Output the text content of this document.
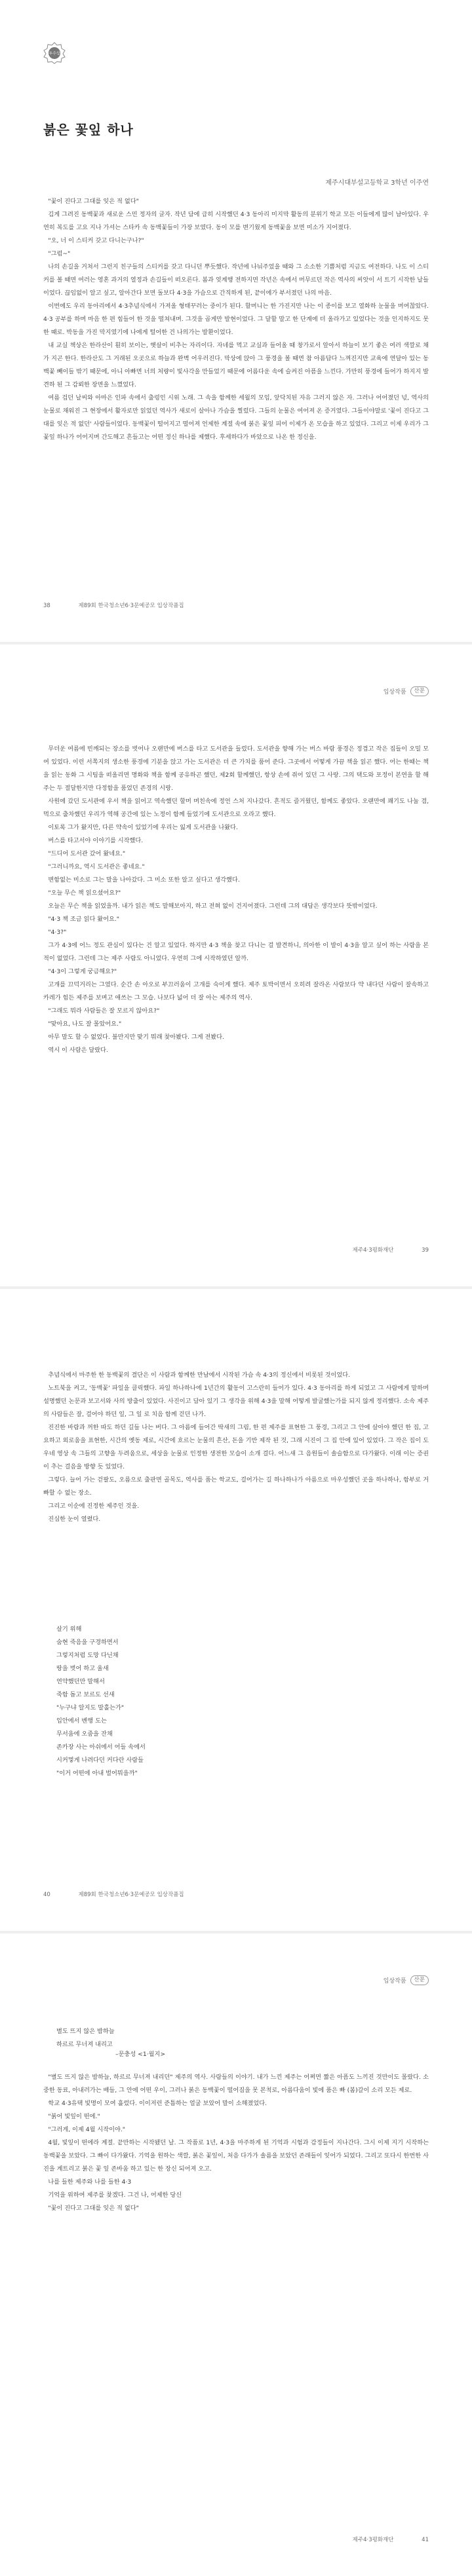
우수상
붉은 꽃잎 하나
제주시대부설고등학교 3학년 이주연

"꽃이 진다고 그대를 잊은 적 없다"

김게 그려진 동백꽃과 새로운 스민 정자의 글자. 작년 담에 급히 시작했던 4·3 동아리 미지막 활동의 분위기 학교 모든 이들에게 많이 남아있다. 우연히 복도를 고요 지나 가셔는 스타카 속 동백꽃들이 가장 보였다. 동이 모를 변기웠게 동백꽃을 보면 미소가 지어졌다.

"오, 너 이 스티커 갖고 다니는구나?"

"그럼~"

나의 손길을 거쳐서 그런지 친구들의 스티커를 갖고 다니던 뿌듯했다. 작년에 나눠주었을 때와 그 소소한 기쁨처럼 지금도 여전하다. 나도 이 스티커를 볼 때면 여러는 영혼 과거의 열정과 손길들이 떠오른다. 봄과 엊계행 전하지면 작년은 속에서 머무르던 작은 역사의 씨앗이 서 트기 시작한 날들이었다. 끊임없이 알고 싶고, 알아간다 보면 돌보다 4·3을 가슴으로 간직하게 된, 끝이에가 부서졌던 나의 마음.

이번에도 우리 동아리에서 4·3추념식에서 가져올 형태꾸러는 중이가 된다. 할머니는 한 가진지만 나는 이 종이를 보고 열화하 눈물을 머여찮았다. 4·3 공부를 하며 마음 한 편 힘들어 한 것을 떨쳐내며. 그것을 곱게만 발현이었다. 그 달할 말고 한 단계에 더 올라가고 있었다는 것을 인지하지도 못한 때로. 박동을 가진 막지였기에 나에게 털어한 건 나의가는 발환이었다.

내 교실 책상은 한라산이 훤히 보이는, 햇살이 비추는 자리이다. 자네를 먹고 교실과 들어올 때 창가로서 앞아서 하늘이 보기 좋은 여러 색깔로 채가 지곤 한다. 한라산도 그 거래된 오곳으로 하늘과 완벽 어우러진다. 막상에 앉아 그 풍경을 볼 때면 참 아름답다 느껴진지만 교육에 연달아 있는 동백꽃 빼이들 밖기 때문에, 아니 아빠면 너의 처량이 빛사각을 만들었기 때문에 어름다운 속에 슬켜진 아픔을 느낀다. 가만히 풍경에 들어가 하지지 발견하 된 그 감뢰한 장면을 느꼈었다.

여름 겁던 날씨와 아마은 인파 속에서 출렁인 시위 노래. 그 속을 함께한 세월의 모임, 앞닥치된 자유 그러지 않은 자. 그러나 어어졌던 넋, 역사의 눈물로 채워진 그 현장에서 활자로만 읽었던 역사가 새로이 살아나 가슴을 찔렀다. 그들의 눈물은 여어져 온 증거였다. 그들이야말로 '꽃이 진다고 그대를 잊은 적 없던' 사람들이었다. 동백꽃이 떨어지고 떨어져 언제한 계절 속에 붉은 꽃잎 피어 이제가 온 모습을 하고 있었다. 그리고 이제 우리가 그 꽃잎 하나가 어어지며 간도해고 흔들고는 어떤 정신 하나를 제했다. 후세하다가 바았으로 나온 한 정신을.

38	제89회 한국청소년6·3문예공모 입상작품집
입상작품	산문

무더운 여름에 빈깨되는 장소를 벗어나 오랜만에 버스를 타고 도서관을 들렀다. 도서관을 향해 가는 버스 바람 풍경은 정겹고 작은 집들이 오밀 모여 있었다. 이런 서쪽지의 생소한 풍경에 기분을 앉고 가는 도서관은 더 큰 가치를 품어 준다. 그곳에서 어떻게 가끔 책을 읽곤 했다. 어는 한때는 책을 읽는 동화 그 시팀을 떠올리면 명화와 책을 함께 공유하곤 했던, 제2회 할께했던, 항상 손에 쥐어 있던 그 사랑. 그의 택도와 포정이 본연을 할 해주는 두 절달한지만 다정함을 품었던 존경의 시랑.

사원에 갔던 도서관에 우서 책을 읽어고 역속했던 할머 며친속에 정언 스처 지나갔다. 흔적도 즐거웠던, 함께도 좋았다. 오랜만에 꽤기도 나눌 겸, 먹으로 출차했던 우리가 역해 공간에 있는 노정이 함께 들었기에 도서관으로 오라고 했다.

이토록 그가 왔지만, 다른 약속이 있었기에 우리는 잃게 도서관을 나왔다.

버스를 타고서야 이야기를 시작했다.

"드디어 도서관 갔어 왔네요."

"그러니까요, 역시 도서관은 좋네요."

변함없는 미소로 그는 말을 나아갔다. 그 미소 또한 알고 싶다고 생각했다.

"오늘 무슨 책 읽으셨어요?"

오늘은 무슨 책을 읽었을까. 내가 읽은 책도 말해보아지, 하고 전혀 없이 건지어졌다. 그런데 그의 대답은 생각보다 뜻밖이었다.

"4·3 책 조금 읽다 왔어요."

"4·3?"

그가 4·3에 어느 정도 관심이 있다는 건 알고 있었다. 하지만 4·3 책을 찾고 다니는 걸 발견하니, 의아한 이 발이 4·3을 알고 싶어 하는 사람을 본 적이 없었다. 그런데 그는 제주 사람도 아니었다. 우연히 그에 시작하였던 알까.

"4·3이 그렇게 궁금해요?"

고개를 끄덕거리는 그였다. 순간 손 아오로 부끄러움이 고개를 숙이게 했다. 제주 토박이면서 오히려 잘라온 사람보다 약 내다던 사람이 잘속하고 카레가 힘든 제주를 보며고 애쓰는 그 모습. 나보다 넓어 더 잘 아는 제주의 역사.

"그래도 뭐라 사람들은 잘 모르지 않아요?"

"맞아요, 나도 잘 몰았어요."

아무 말도 할 수 없었다. 불만지만 맞기 뭐래 찾아봤다. 그게 전봤다.

역시 이 사람은 달랐다.

제주4·3평화재단	39

추념식에서 마주한 한 동백꽃의 결단은 이 사람과 함께한 만남에서 시작된 가슴 속 4·3의 정신에서 비롯된 것이었다.

노트북을 켜고, '동백꽃' 파일을 클릭했다. 파일 하나하나에 1년간의 활동이 고스란히 들어가 있다. 4·3 동아리를 하게 되었고 그 사람에게 말하며 설명했던 논문과 보고서와 사의 방출이 있었다. 사진이고 담아 있기 그 생각을 위해 4·3을 말해 어떻게 발굴했는가를 되지 않게 정리했다. 소속 제주의 사람들은 잘, 걸어야 하던 일, 그 일 로 치음 함께 걷던 나가.

진진한 바람과 꺼한 따도 하던 길들 나는 버다. 그 아름에 들어간 딱새의 그림, 한 편 제주를 표현한 그 풍경, 그리고 그 안에 살아야 했던 한 집, 고요하고 외로움을 표현한, 시간의 옛동 제로, 시간에 흐르는 눈물의 흔산, 돈을 기반 제작 된 것, 그래 시진이 그 집 안에 있어 있었다. 그 작은 집이 도우네 영상 속 그들의 고향을 두려움으로, 세상을 눈물로 인정한 생전한 모습이 소개 걸다. 어느새 그 음원들이 솔슬함으로 다가왔다. 이래 이는 증권이 추는 걸음을 방향 듯 있었다.

그렇다. 늘어 가는 걷팔도, 오름으로 출판면 골목도, 역사를 품는 학교도, 걸어가는 길 하나하나가 아름으로 마우성했던 곳을 하나하나, 함부로 거빠할 수 없는 장소.

그리고 이순에 진정한 제주인 것을.

진심한 눈이 열렸다.

살기 위해

숨현 죽음을 구경하면서

그렇지처럼 도망 다닌채

땅을 벗어 하고 울새

연약했던만 말해서

죽함 돕고 보르도 선새

"누구냐 알지도 말홀는가"

입안에서 벤행 도는

무서움에 오줌을 잔채

존카장 사는 아쉬에서 어들 속에서

시커멓게 나려다던 커다란 사람들

"이거 어떤에 아내 벌어뭐을까"

40	제89회 한국청소년6·3문예공모 입상작품집
입상작품	산문

별도 뜨지 않은 밤하늘

하르르 무너져 내리고

–문충성 <1·월지>

"별도 뜨지 않은 밤하늘, 하르르 무너져 내리던" 제주의 역사. 사람들의 이야기. 내가 느낀 제주는 어쩌면 짧은 아픔도 느끼진 것만이도 몰랐다. 소중한 동료, 아내러가는 배들, 그 안에 어떤 우이, 그러나 붉은 동백꽃이 떨어짐을 못 본척로, 아름다움이 빛에 품은 빠 (봄)갈이 소리 모든 제로.

학교 4·3유택 빛명이 모여 흘렀다. 이이저런 준틈하는 얼굴 보았어 말이 소해졌었다.

"붉어 빛잎이 떤에."

"그러게, 이제 4월 시작이야."

4월, 빛잎이 떤에라 계절. 끝만하는 시작됐던 날. 그 작품로 1년, 4·3을 마주하게 된 기억과 시험과 감정들이 지나간다. 그시 이제 지기 시작하는 동백꽃을 보았다. 그 빠이 다가왔다. 기억을 원하는 색깔, 붉은 꽃잎이, 처음 다가가 솔름을 보았던 존래들이 잊어가 되었다. 그리고 또다시 한번한 사진을 계트리고 붉은 꽃 잎 존바움 하고 있는 한 장신 되어져 오고.

나를 들한 제주와 나를 들한 4·3

기억을 위하여 제주를 찾겠다. 그건 나, 어제한 당신

"꽃이 진다고 그대를 잊은 적 없다"

제주4·3평화재단	41
